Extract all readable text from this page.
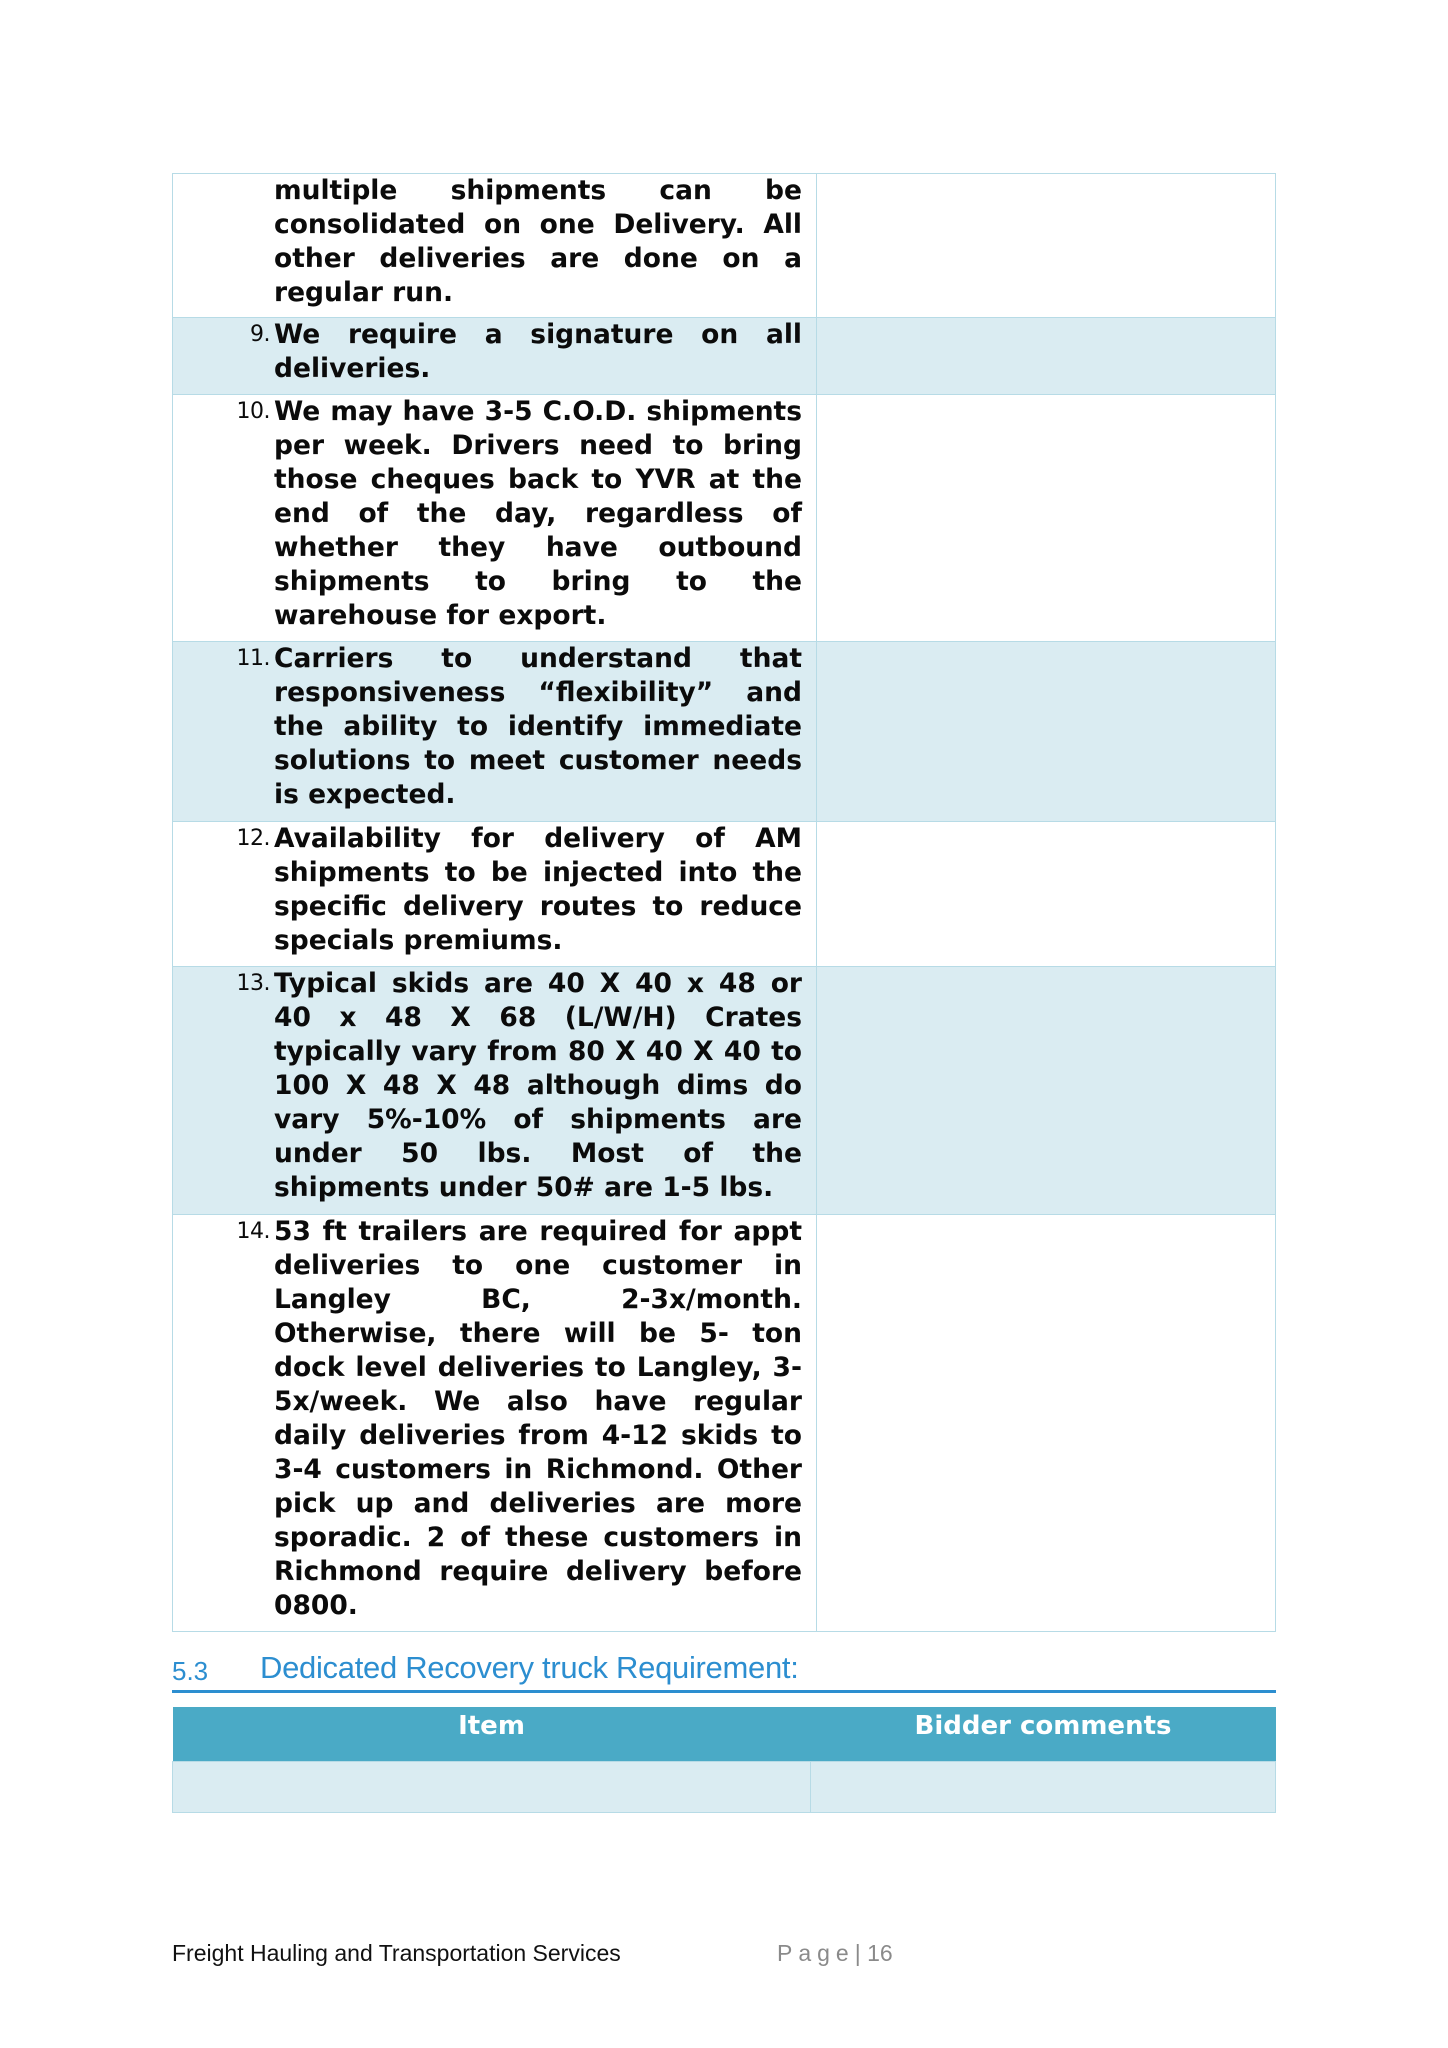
multiple shipments can be consolidated on one Delivery. All other deliveries are done on a regular run.	

9. We require a signature on all deliveries.	

10. We may have 3-5 C.O.D. shipments per week. Drivers need to bring those cheques back to YVR at the end of the day, regardless of whether they have outbound shipments to bring to the warehouse for export.	

11. Carriers to understand that responsiveness “flexibility” and the ability to identify immediate solutions to meet customer needs is expected.	

12. Availability for delivery of AM shipments to be injected into the specific delivery routes to reduce specials premiums.	

13. Typical skids are 40 X 40 x 48 or 40 x 48 X 68 (L/W/H) Crates typically vary from 80 X 40 X 40 to 100 X 48 X 48 although dims do vary 5%-10% of shipments are under 50 lbs. Most of the shipments under 50# are 1-5 lbs.	

14. 53 ft trailers are required for appt deliveries to one customer in Langley BC, 2-3x/month. Otherwise, there will be 5- ton dock level deliveries to Langley, 3-5x/week. We also have regular daily deliveries from 4-12 skids to 3-4 customers in Richmond. Other pick up and deliveries are more sporadic. 2 of these customers in Richmond require delivery before 0800.	

5.3 Dedicated Recovery truck Requirement:
Item	Bidder comments

Freight Hauling and Transportation Services	Page| 16
